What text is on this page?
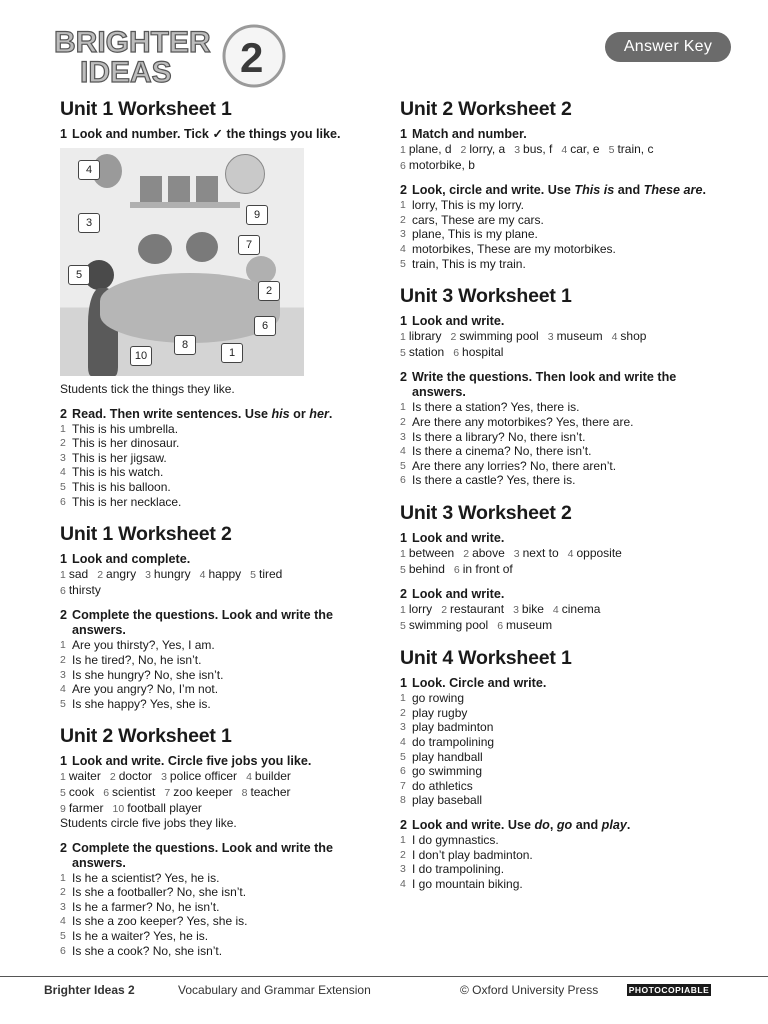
BRIGHTER
IDEAS 2	Answer Key
Unit 1 Worksheet 1
1 Look and number. Tick ✓ the things you like.
4
3
9
7
5
2
6
10
8
1
Students tick the things they like.
2 Read. Then write sentences. Use his or her.
1 This is his umbrella.
2 This is her dinosaur.
3 This is her jigsaw.
4 This is his watch.
5 This is his balloon.
6 This is her necklace.
Unit 1 Worksheet 2
1 Look and complete.
1 sad 2 angry 3 hungry 4 happy 5 tired
6 thirsty
2 Complete the questions. Look and write the answers.
1 Are you thirsty?, Yes, I am.
2 Is he tired?, No, he isn’t.
3 Is she hungry? No, she isn’t.
4 Are you angry? No, I’m not.
5 Is she happy? Yes, she is.
Unit 2 Worksheet 1
1 Look and write. Circle five jobs you like.
1 waiter 2 doctor 3 police officer 4 builder
5 cook 6 scientist 7 zoo keeper 8 teacher
9 farmer 10 football player
Students circle five jobs they like.
2 Complete the questions. Look and write the answers.
1 Is he a scientist? Yes, he is.
2 Is she a footballer? No, she isn’t.
3 Is he a farmer? No, he isn’t.
4 Is she a zoo keeper? Yes, she is.
5 Is he a waiter? Yes, he is.
6 Is she a cook? No, she isn’t.
Unit 2 Worksheet 2
1 Match and number.
1 plane, d 2 lorry, a 3 bus, f 4 car, e 5 train, c
6 motorbike, b
2 Look, circle and write. Use This is and These are.
1 lorry, This is my lorry.
2 cars, These are my cars.
3 plane, This is my plane.
4 motorbikes, These are my motorbikes.
5 train, This is my train.
Unit 3 Worksheet 1
1 Look and write.
1 library 2 swimming pool 3 museum 4 shop
5 station 6 hospital
2 Write the questions. Then look and write the answers.
1 Is there a station? Yes, there is.
2 Are there any motorbikes? Yes, there are.
3 Is there a library? No, there isn’t.
4 Is there a cinema? No, there isn’t.
5 Are there any lorries? No, there aren’t.
6 Is there a castle? Yes, there is.
Unit 3 Worksheet 2
1 Look and write.
1 between 2 above 3 next to 4 opposite
5 behind 6 in front of
2 Look and write.
1 lorry 2 restaurant 3 bike 4 cinema
5 swimming pool 6 museum
Unit 4 Worksheet 1
1 Look. Circle and write.
1 go rowing
2 play rugby
3 play badminton
4 do trampolining
5 play handball
6 go swimming
7 do athletics
8 play baseball
2 Look and write. Use do, go and play.
1 I do gymnastics.
2 I don’t play badminton.
3 I do trampolining.
4 I go mountain biking.
Brighter Ideas 2	Vocabulary and Grammar Extension	© Oxford University Press	PHOTOCOPIABLE
